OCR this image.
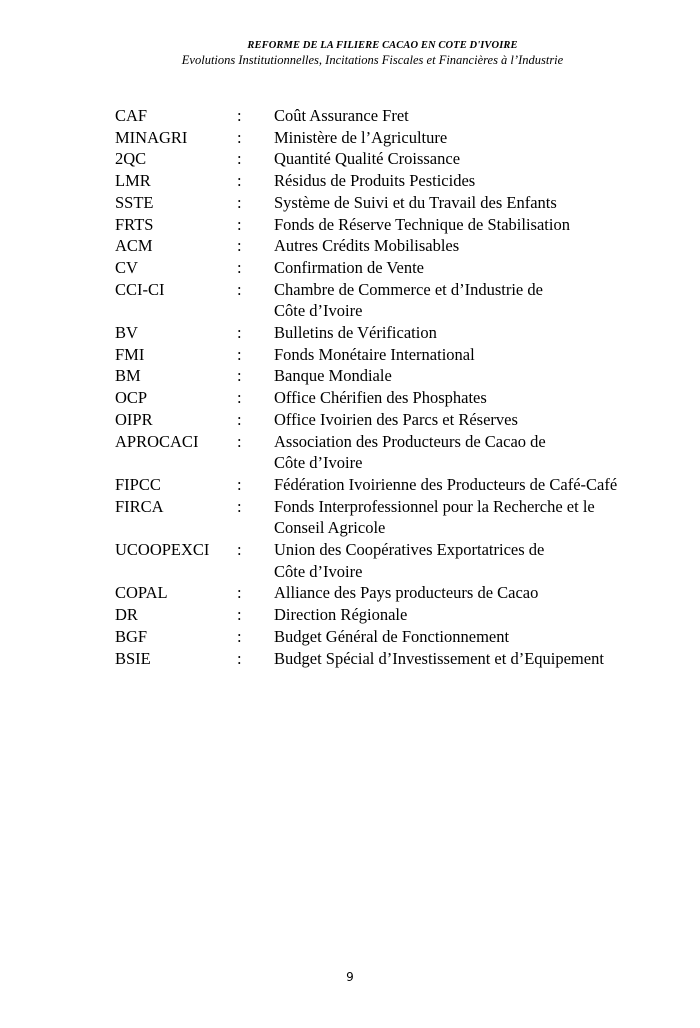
REFORME DE LA FILIERE CACAO EN COTE D'IVOIRE
Evolutions Institutionnelles, Incitations Fiscales et Financières à l’Industrie
CAF	: Coût Assurance Fret
MINAGRI	: Ministère de l’Agriculture
2QC	: Quantité Qualité Croissance
LMR	: Résidus de Produits Pesticides
SSTE	: Système de Suivi et du Travail des Enfants
FRTS	: Fonds de Réserve Technique de Stabilisation
ACM	: Autres Crédits Mobilisables
CV	: Confirmation de Vente
CCI-CI	: Chambre de Commerce et d’Industrie de
Côte d’Ivoire
BV	: Bulletins de Vérification
FMI	: Fonds Monétaire International
BM	: Banque Mondiale
OCP	: Office Chérifien des Phosphates
OIPR	: Office Ivoirien des Parcs et Réserves
APROCACI : Association des Producteurs de Cacao de
Côte d’Ivoire
FIPCC	: Fédération Ivoirienne des Producteurs de Café-Café
FIRCA	: Fonds Interprofessionnel pour la Recherche et le
Conseil Agricole
UCOOPEXCI : Union des Coopératives Exportatrices de
Côte d’Ivoire
COPAL	: Alliance des Pays producteurs de Cacao
DR	: Direction Régionale
BGF	: Budget Général de Fonctionnement
BSIE	: Budget Spécial d’Investissement et d’Equipement
9
